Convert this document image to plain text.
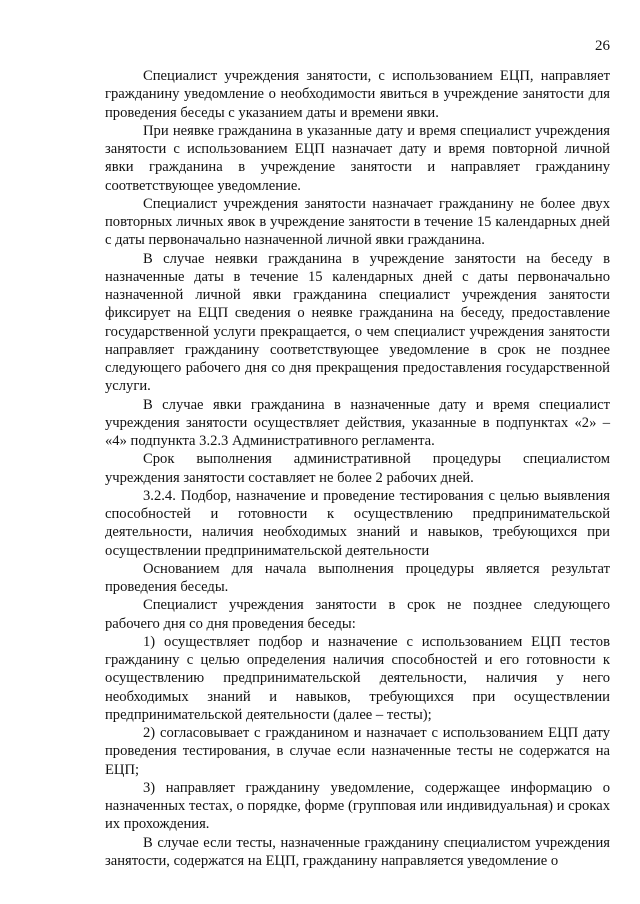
26

Специалист учреждения занятости, с использованием ЕЦП, направляет гражданину уведомление о необходимости явиться в учреждение занятости для проведения беседы с указанием даты и времени явки.

При неявке гражданина в указанные дату и время специалист учреждения занятости с использованием ЕЦП назначает дату и время повторной личной явки гражданина в учреждение занятости и направляет гражданину соответствующее уведомление.

Специалист учреждения занятости назначает гражданину не более двух повторных личных явок в учреждение занятости в течение 15 календарных дней с даты первоначально назначенной личной явки гражданина.

В случае неявки гражданина в учреждение занятости на беседу в назначенные даты в течение 15 календарных дней с даты первоначально назначенной личной явки гражданина специалист учреждения занятости фиксирует на ЕЦП сведения о неявке гражданина на беседу, предоставление государственной услуги прекращается, о чем специалист учреждения занятости направляет гражданину соответствующее уведомление в срок не позднее следующего рабочего дня со дня прекращения предоставления государственной услуги.

В случае явки гражданина в назначенные дату и время специалист учреждения занятости осуществляет действия, указанные в подпунктах «2» – «4» подпункта 3.2.3 Административного регламента.

Срок выполнения административной процедуры специалистом учреждения занятости составляет не более 2 рабочих дней.

3.2.4. Подбор, назначение и проведение тестирования с целью выявления способностей и готовности к осуществлению предпринимательской деятельности, наличия необходимых знаний и навыков, требующихся при осуществлении предпринимательской деятельности

Основанием для начала выполнения процедуры является результат проведения беседы.

Специалист учреждения занятости в срок не позднее следующего рабочего дня со дня проведения беседы:

1) осуществляет подбор и назначение с использованием ЕЦП тестов гражданину с целью определения наличия способностей и его готовности к осуществлению предпринимательской деятельности, наличия у него необходимых знаний и навыков, требующихся при осуществлении предпринимательской деятельности (далее – тесты);

2) согласовывает с гражданином и назначает с использованием ЕЦП дату проведения тестирования, в случае если назначенные тесты не содержатся на ЕЦП;

3) направляет гражданину уведомление, содержащее информацию о назначенных тестах, о порядке, форме (групповая или индивидуальная) и сроках их прохождения.

В случае если тесты, назначенные гражданину специалистом учреждения занятости, содержатся на ЕЦП, гражданину направляется уведомление о
